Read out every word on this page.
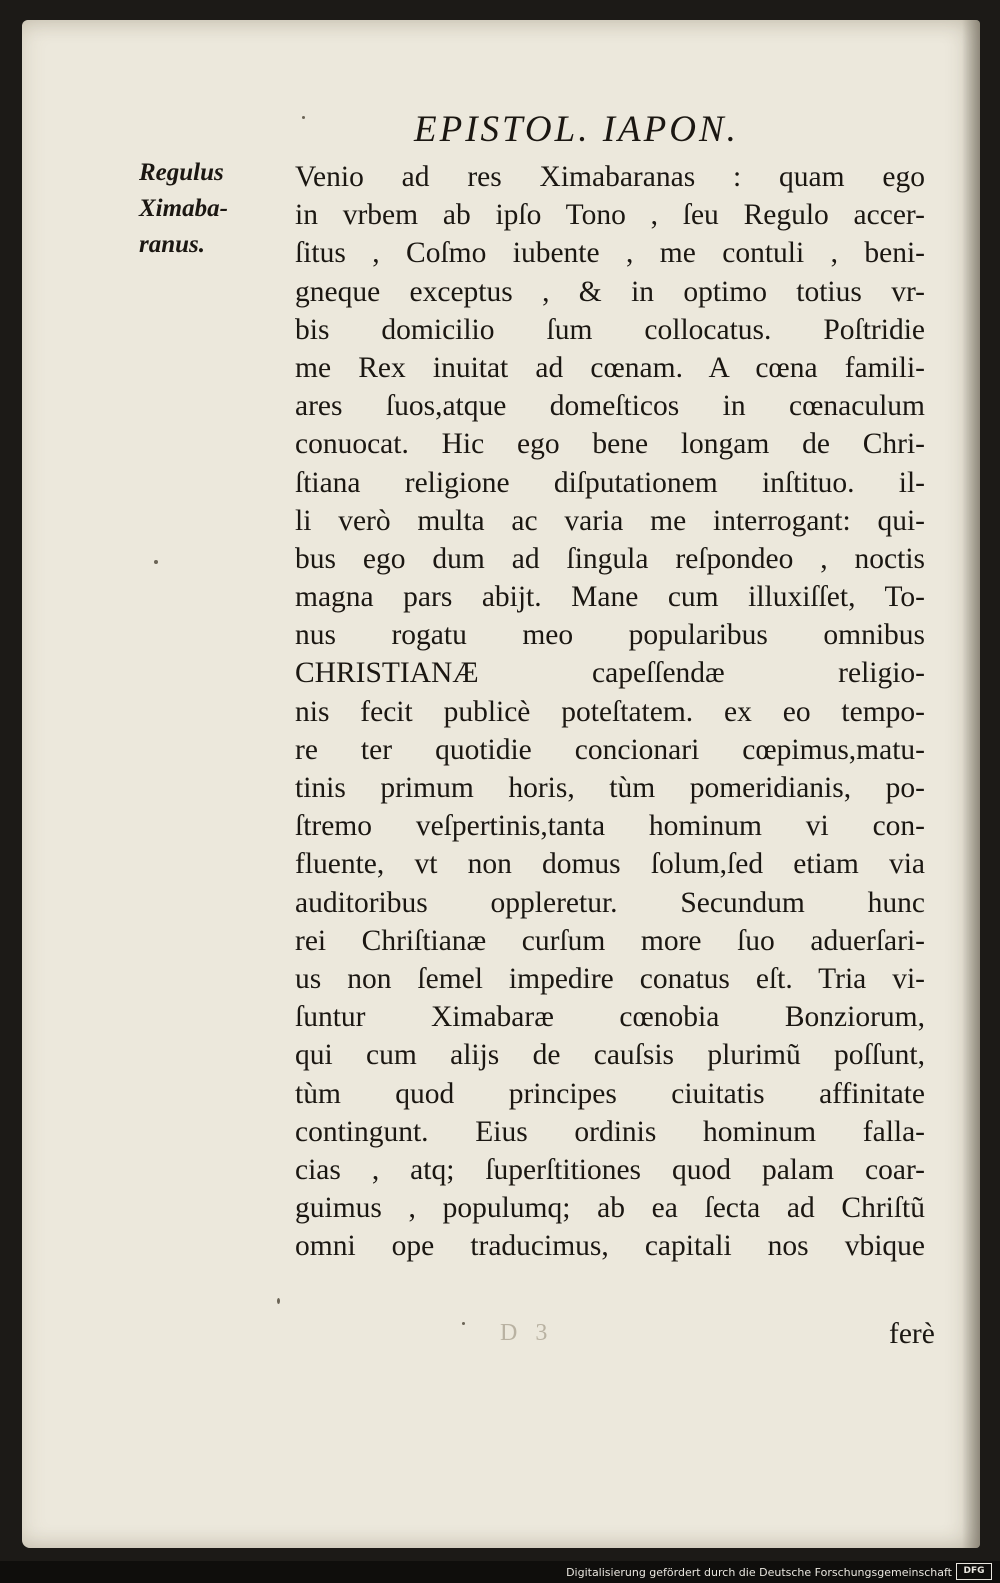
EPISTOL. IAPON.
Regulus
Ximaba-
ranus.
Venio ad res Ximabaranas : quam ego
in vrbem ab ipſo Tono , ſeu Regulo accer-
ſitus , Coſmo iubente , me contuli , beni-
gneque exceptus , & in optimo totius vr-
bis domicilio ſum collocatus. Poſtridie
me Rex inuitat ad cœnam. A cœna famili-
ares ſuos,atque domeſticos in cœnaculum
conuocat. Hic ego bene longam de Chri-
ſtiana religione diſputationem inſtituo. il-
li verò multa ac varia me interrogant: qui-
bus ego dum ad ſingula reſpondeo , noctis
magna pars abijt. Mane cum illuxiſſet, To-
nus rogatu meo popularibus omnibus
CHRISTIANÆ capeſſendæ religio-
nis fecit publicè poteſtatem. ex eo tempo-
re ter quotidie concionari cœpimus,matu-
tinis primum horis, tùm pomeridianis, po-
ſtremo veſpertinis,tanta hominum vi con-
fluente, vt non domus ſolum,ſed etiam via
auditoribus oppleretur. Secundum hunc
rei Chriſtianæ curſum more ſuo aduerſari-
us non ſemel impedire conatus eſt. Tria vi-
ſuntur Ximabaræ cœnobia Bonziorum,
qui cum alijs de cauſsis plurimũ poſſunt,
tùm quod principes ciuitatis affinitate
contingunt. Eius ordinis hominum falla-
cias , atq; ſuperſtitiones quod palam coar-
guimus , populumq; ab ea ſecta ad Chriſtũ
omni ope traducimus, capitali nos vbique
D 3	ferè
Digitalisierung gefördert durch die Deutsche Forschungsgemeinschaft	DFG
